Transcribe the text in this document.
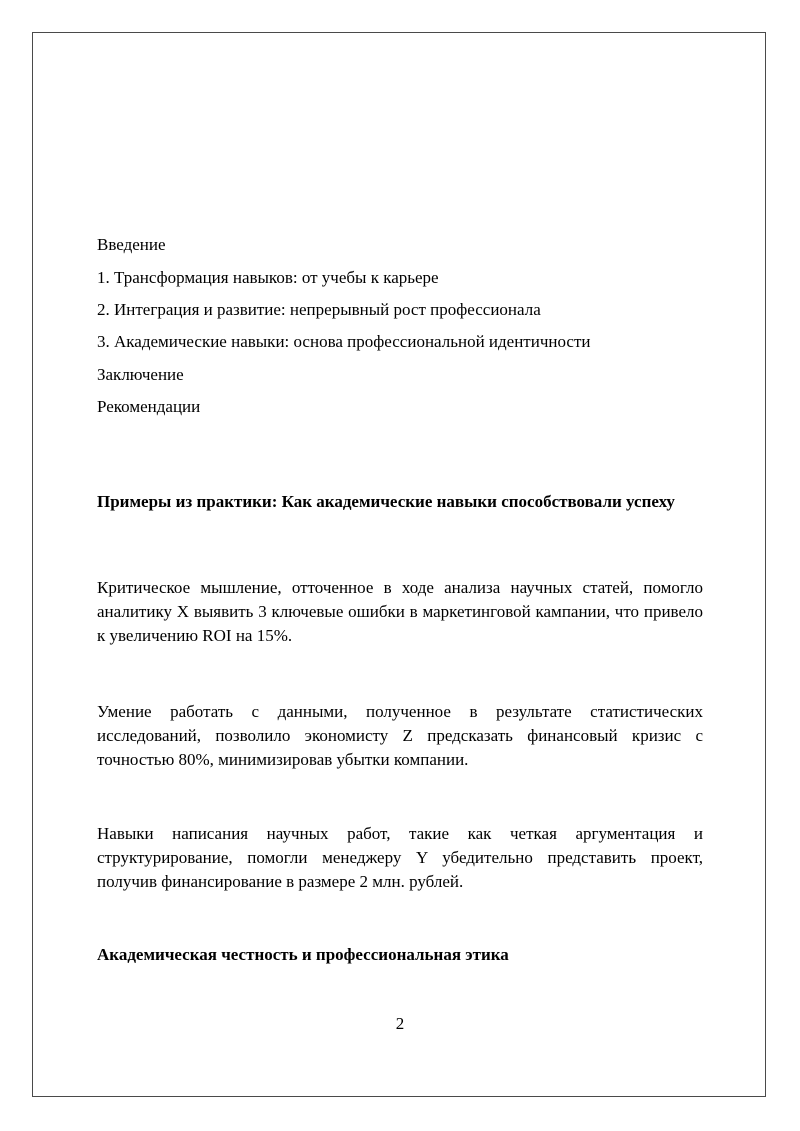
Введение

1. Трансформация навыков: от учебы к карьере

2. Интеграция и развитие: непрерывный рост профессионала

3. Академические навыки: основа профессиональной идентичности

Заключение

Рекомендации

Примеры из практики: Как академические навыки способствовали успеху

Критическое мышление, отточенное в ходе анализа научных статей, помогло аналитику X выявить 3 ключевые ошибки в маркетинговой кампании, что привело к увеличению ROI на 15%.

Умение работать с данными, полученное в результате статистических исследований, позволило экономисту Z предсказать финансовый кризис с точностью 80%, минимизировав убытки компании.

Навыки написания научных работ, такие как четкая аргументация и структурирование, помогли менеджеру Y убедительно представить проект, получив финансирование в размере 2 млн. рублей.

Академическая честность и профессиональная этика
2
